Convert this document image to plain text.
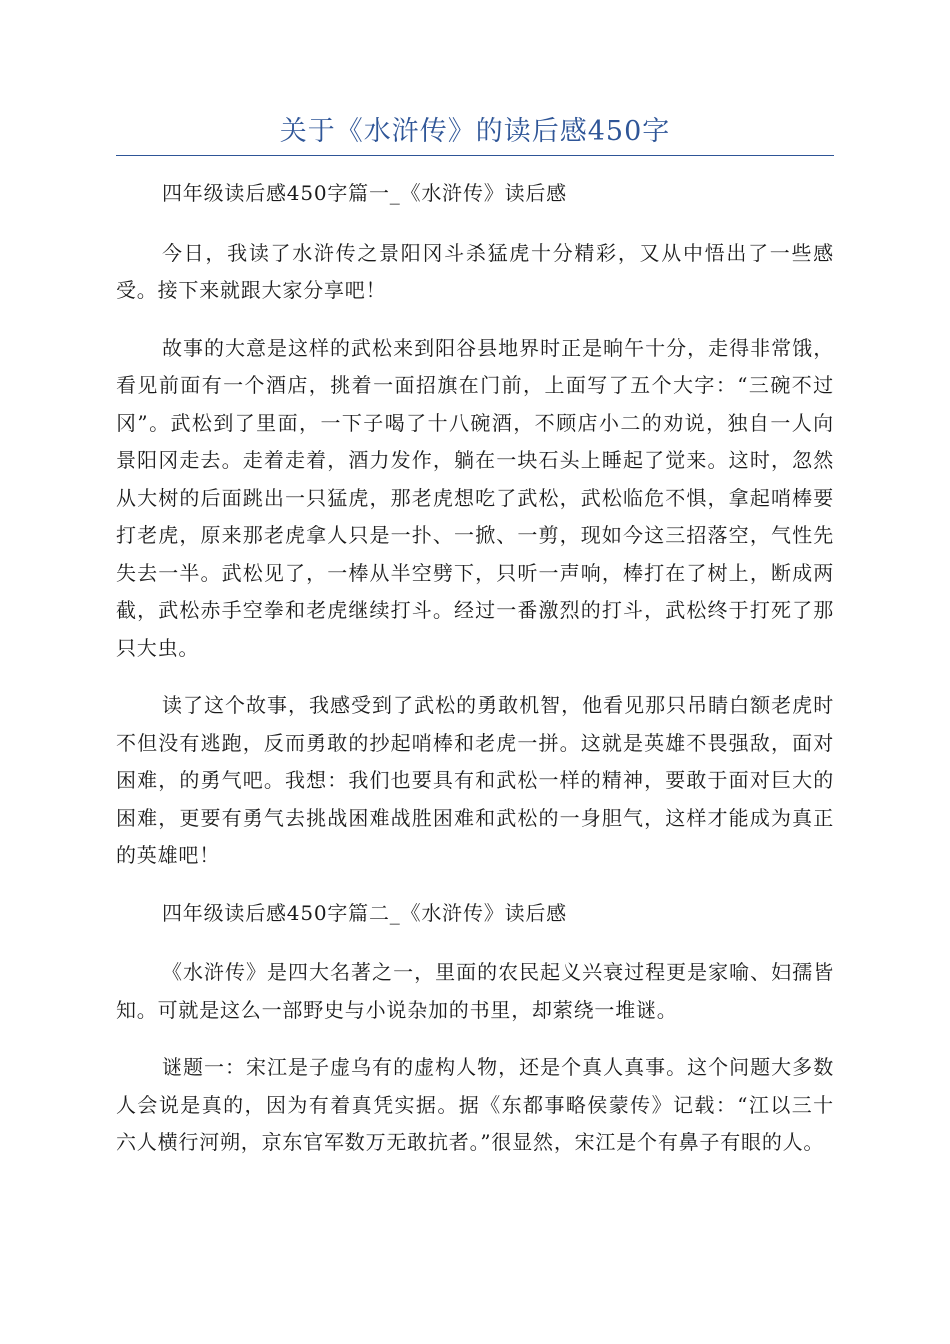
关于《水浒传》的读后感450字

四年级读后感450字篇一_《水浒传》读后感

今日，我读了水浒传之景阳冈斗杀猛虎十分精彩，又从中悟出了一些感受。接下来就跟大家分享吧！

故事的大意是这样的武松来到阳谷县地界时正是晌午十分，走得非常饿，看见前面有一个酒店，挑着一面招旗在门前，上面写了五个大字：“三碗不过冈”。武松到了里面，一下子喝了十八碗酒，不顾店小二的劝说，独自一人向景阳冈走去。走着走着，酒力发作，躺在一块石头上睡起了觉来。这时，忽然从大树的后面跳出一只猛虎，那老虎想吃了武松，武松临危不惧，拿起哨棒要打老虎，原来那老虎拿人只是一扑、一掀、一剪，现如今这三招落空，气性先失去一半。武松见了，一棒从半空劈下，只听一声响，棒打在了树上，断成两截，武松赤手空拳和老虎继续打斗。经过一番激烈的打斗，武松终于打死了那只大虫。

读了这个故事，我感受到了武松的勇敢机智，他看见那只吊睛白额老虎时不但没有逃跑，反而勇敢的抄起哨棒和老虎一拼。这就是英雄不畏强敌，面对困难，的勇气吧。我想：我们也要具有和武松一样的精神，要敢于面对巨大的困难，更要有勇气去挑战困难战胜困难和武松的一身胆气，这样才能成为真正的英雄吧！

四年级读后感450字篇二_《水浒传》读后感

《水浒传》是四大名著之一，里面的农民起义兴衰过程更是家喻、妇孺皆知。可就是这么一部野史与小说杂加的书里，却萦绕一堆谜。

谜题一：宋江是子虚乌有的虚构人物，还是个真人真事。这个问题大多数人会说是真的，因为有着真凭实据。据《东都事略侯蒙传》记载：“江以三十六人横行河朔，京东官军数万无敢抗者。”很显然，宋江是个有鼻子有眼的人。
